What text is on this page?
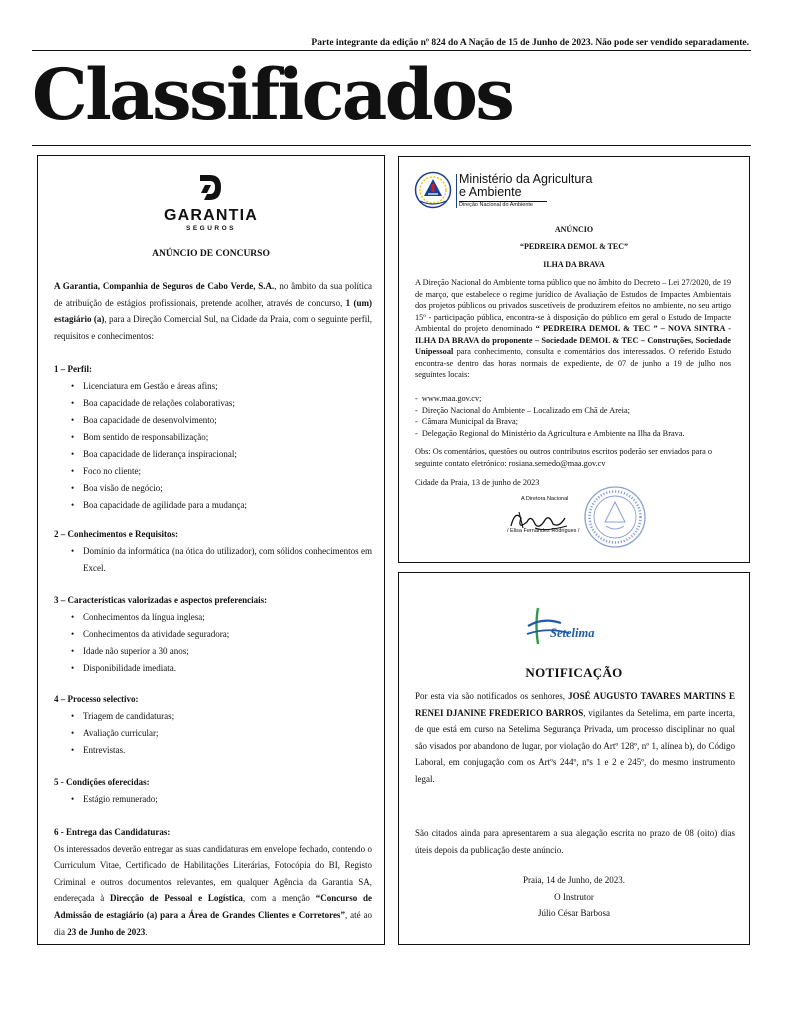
Parte integrante da edição nº 824 do A Nação de 15 de Junho de 2023. Não pode ser vendido separadamente.
Classificados
GARANTIA
SEGUROS
ANÚNCIO DE CONCURSO
A Garantia, Companhia de Seguros de Cabo Verde, S.A., no âmbito da sua política de atribuição de estágios profissionais, pretende acolher, através de concurso, 1 (um) estagiário (a), para a Direção Comercial Sul, na Cidade da Praia, com o seguinte perfil, requisitos e conhecimentos:
1 – Perfil:
• Licenciatura em Gestão e áreas afins;
• Boa capacidade de relações colaborativas;
• Boa capacidade de desenvolvimento;
• Bom sentido de responsabilização;
• Boa capacidade de liderança inspiracional;
• Foco no cliente;
• Boa visão de negócio;
• Boa capacidade de agilidade para a mudança;
2 – Conhecimentos e Requisitos:
• Domínio da informática (na ótica do utilizador), com sólidos conhecimentos em Excel.
3 – Características valorizadas e aspectos preferenciais:
• Conhecimentos da língua inglesa;
• Conhecimentos da atividade seguradora;
• Idade não superior a 30 anos;
• Disponibilidade imediata.
4 – Processo selectivo:
• Triagem de candidaturas;
• Avaliação curricular;
• Entrevistas.
5 - Condições oferecidas:
• Estágio remunerado;
6 - Entrega das Candidaturas:
Os interessados deverão entregar as suas candidaturas em envelope fechado, contendo o Curriculum Vitae, Certificado de Habilitações Literárias, Fotocópia do BI, Registo Criminal e outros documentos relevantes, em qualquer Agência da Garantia SA, endereçada à Direcção de Pessoal e Logística, com a menção “Concurso de Admissão de estagiário (a) para a Área de Grandes Clientes e Corretores”, até ao dia 23 de Junho de 2023.
Ministério da Agricultura
e Ambiente
Direção Nacional do Ambiente
ANÚNCIO
“PEDREIRA DEMOL & TEC”
ILHA DA BRAVA
A Direção Nacional do Ambiente torna público que no âmbito do Decreto – Lei 27/2020, de 19 de março, que estabelece o regime jurídico de Avaliação de Estudos de Impactes Ambientais dos projetos públicos ou privados suscetíveis de produzirem efeitos no ambiente, no seu artigo 15º - participação pública, encontra-se à disposição do público em geral o Estudo de Impacte Ambiental do projeto denominado “ PEDREIRA DEMOL & TEC ” – NOVA SINTRA - ILHA DA BRAVA do proponente – Sociedade DEMOL & TEC – Construções, Sociedade Unipessoal para conhecimento, consulta e comentários dos interessados. O referido Estudo encontra-se dentro das horas normais de expediente, de 07 de junho a 19 de julho nos seguintes locais:
- www.maa.gov.cv;
- Direção Nacional do Ambiente – Localizado em Chã de Areia;
- Câmara Municipal da Brava;
- Delegação Regional do Ministério da Agricultura e Ambiente na Ilha da Brava.
Obs: Os comentários, questões ou outros contributos escritos poderão ser enviados para o seguinte contato eletrónico: rosiana.semedo@maa.gov.cv
Cidade da Praia, 13 de junho de 2023
A Diretora Nacional
/ Elisa Fernandes Rodrigues /
Setelima
NOTIFICAÇÃO
Por esta via são notificados os senhores, JOSÉ AUGUSTO TAVARES MARTINS E RENEI DJANINE FREDERICO BARROS, vigilantes da Setelima, em parte incerta, de que está em curso na Setelima Segurança Privada, um processo disciplinar no qual são visados por abandono de lugar, por violação do Artº 128º, nº 1, alínea b), do Código Laboral, em conjugação com os Artºs 244º, nºs 1 e 2 e 245º, do mesmo instrumento legal.
São citados ainda para apresentarem a sua alegação escrita no prazo de 08 (oito) dias úteis depois da publicação deste anúncio.
Praia, 14 de Junho, de 2023.
O Instrutor
Júlio César Barbosa
